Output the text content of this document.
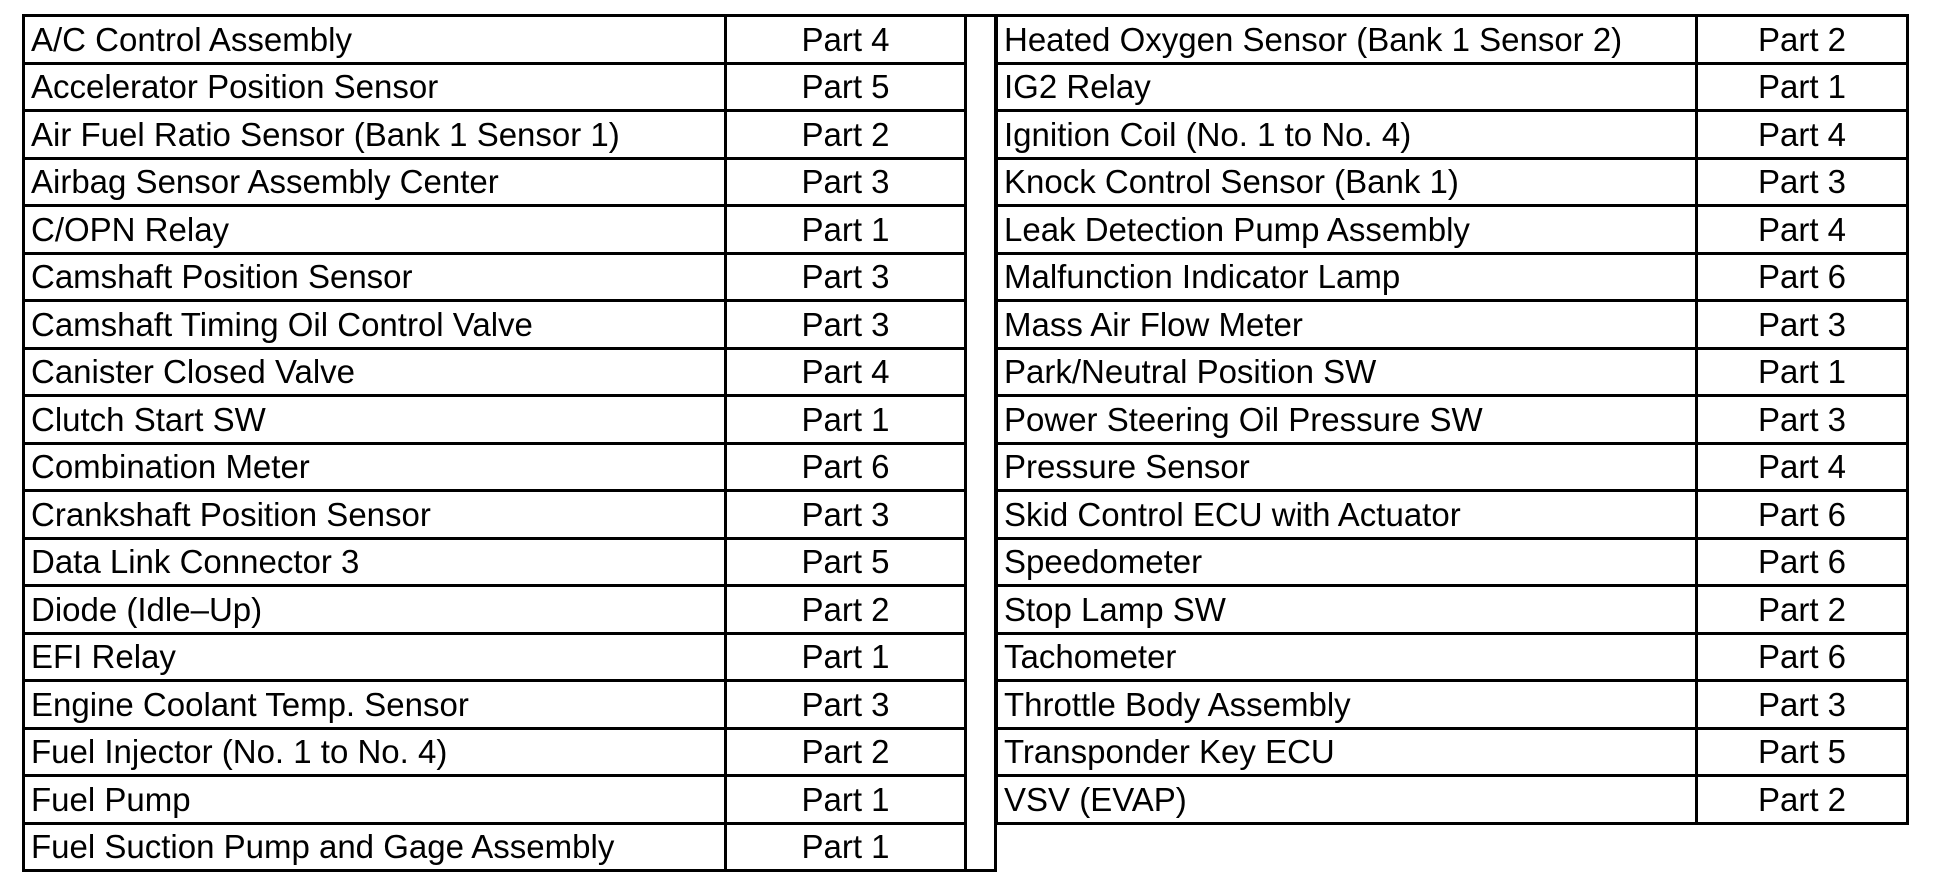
A/C Control Assembly	Part 4	
Accelerator Position Sensor	Part 5	
Air Fuel Ratio Sensor (Bank 1 Sensor 1)	Part 2	
Airbag Sensor Assembly Center	Part 3	
C/OPN Relay	Part 1	
Camshaft Position Sensor	Part 3	
Camshaft Timing Oil Control Valve	Part 3	
Canister Closed Valve	Part 4	
Clutch Start SW	Part 1	
Combination Meter	Part 6	
Crankshaft Position Sensor	Part 3	
Data Link Connector 3	Part 5	
Diode (Idle–Up)	Part 2	
EFI Relay	Part 1	
Engine Coolant Temp. Sensor	Part 3	
Fuel Injector (No. 1 to No. 4)	Part 2	
Fuel Pump	Part 1	
Fuel Suction Pump and Gage Assembly	Part 1	
Heated Oxygen Sensor (Bank 1 Sensor 2)	Part 2
IG2 Relay	Part 1
Ignition Coil (No. 1 to No. 4)	Part 4
Knock Control Sensor (Bank 1)	Part 3
Leak Detection Pump Assembly	Part 4
Malfunction Indicator Lamp	Part 6
Mass Air Flow Meter	Part 3
Park/Neutral Position SW	Part 1
Power Steering Oil Pressure SW	Part 3
Pressure Sensor	Part 4
Skid Control ECU with Actuator	Part 6
Speedometer	Part 6
Stop Lamp SW	Part 2
Tachometer	Part 6
Throttle Body Assembly	Part 3
Transponder Key ECU	Part 5
VSV (EVAP)	Part 2
